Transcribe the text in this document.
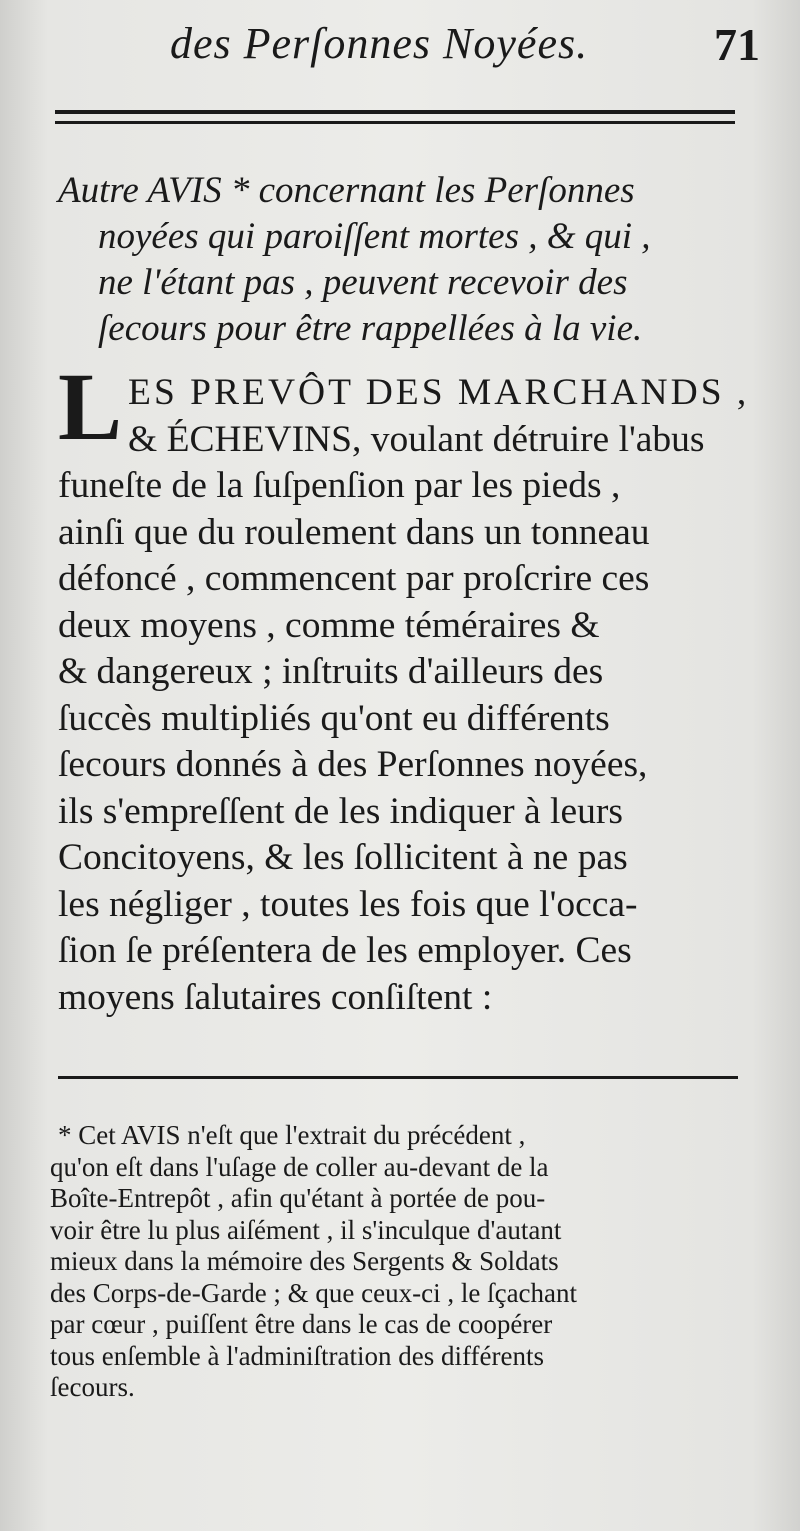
des Perſonnes Noyées.	71
Autre AVIS * concernant les Perſonnes
noyées qui paroiſſent mortes , & qui ,
ne l'étant pas , peuvent recevoir des
ſecours pour être rappellées à la vie.
L ES PREVÔT DES MARCHANDS ,
& ÉCHEVINS, voulant détruire l'abus
funeſte de la ſuſpenſion par les pieds ,
ainſi que du roulement dans un tonneau
défoncé , commencent par proſcrire ces
deux moyens , comme téméraires &
& dangereux ; inſtruits d'ailleurs des
ſuccès multipliés qu'ont eu différents
ſecours donnés à des Perſonnes noyées,
ils s'empreſſent de les indiquer à leurs
Concitoyens, & les ſollicitent à ne pas
les négliger , toutes les fois que l'occa-
ſion ſe préſentera de les employer. Ces
moyens ſalutaires conſiſtent :
* Cet AVIS n'eſt que l'extrait du précédent ,
qu'on eſt dans l'uſage de coller au-devant de la
Boîte-Entrepôt , afin qu'étant à portée de pou-
voir être lu plus aiſément , il s'inculque d'autant
mieux dans la mémoire des Sergents & Soldats
des Corps-de-Garde ; & que ceux-ci , le ſçachant
par cœur , puiſſent être dans le cas de coopérer
tous enſemble à l'adminiſtration des différents
ſecours.
